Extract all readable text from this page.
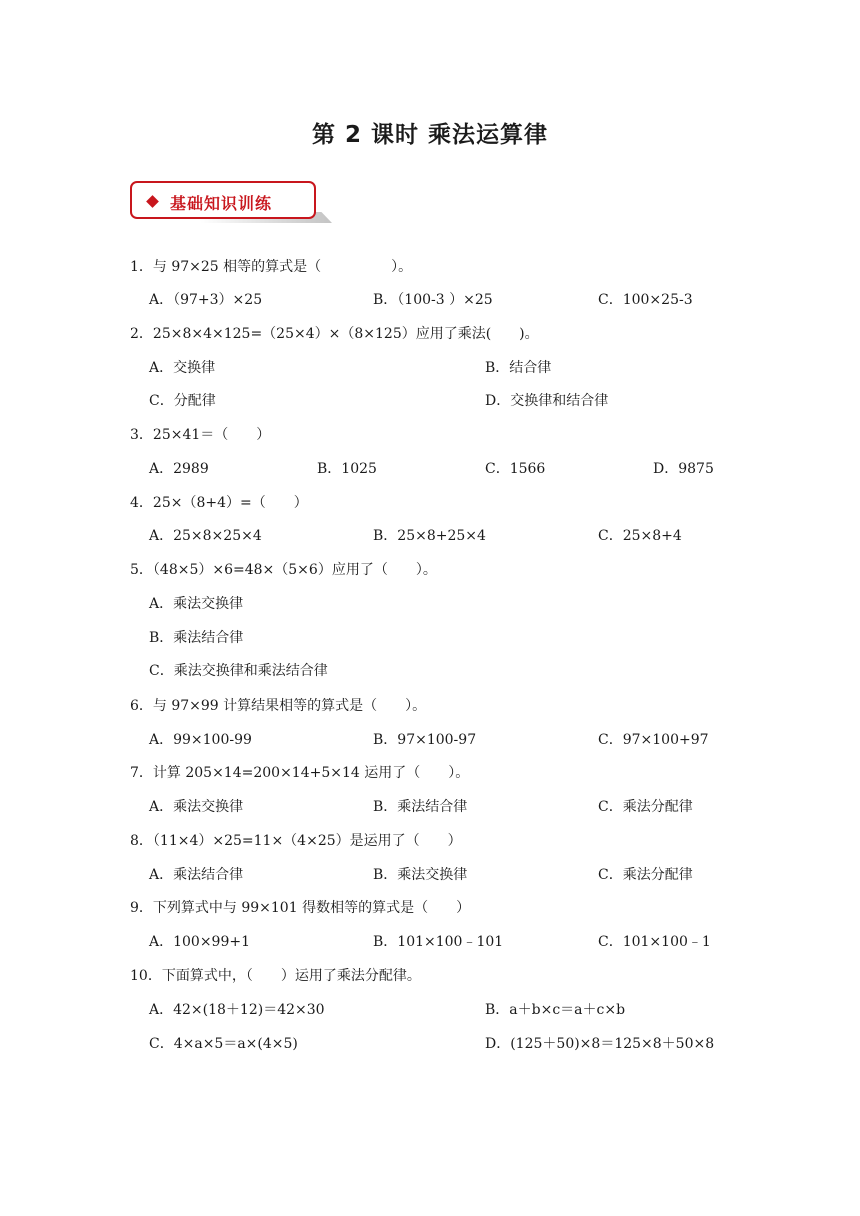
第 2 课时 乘法运算律
基础知识训练
1．与 97×25 相等的算式是（　　　　　）。
A．（97+3）×25	B．（100-3 ）×25	C．100×25-3
2．25×8×4×125=（25×4）×（8×125）应用了乘法(　　)。
A．交换律	B．结合律
C．分配律	D．交换律和结合律
3．25×41＝（　　）
A．2989	B．1025	C．1566	D．9875
4．25×（8+4）=（　　）
A．25×8×25×4	B．25×8+25×4	C．25×8+4
5．（48×5）×6=48×（5×6）应用了（　　）。
A．乘法交换律
B．乘法结合律
C．乘法交换律和乘法结合律
6．与 97×99 计算结果相等的算式是（　　）。
A．99×100-99	B．97×100-97	C．97×100+97
7．计算 205×14=200×14+5×14 运用了（　　）。
A．乘法交换律	B．乘法结合律	C．乘法分配律
8．（11×4）×25=11×（4×25）是运用了（　　）
A．乘法结合律	B．乘法交换律	C．乘法分配律
9．下列算式中与 99×101 得数相等的算式是（　　）
A．100×99+1	B．101×100﹣101	C．101×100﹣1
10．下面算式中，（　　）运用了乘法分配律。
A．42×(18＋12)＝42×30	B．a＋b×c＝a＋c×b
C．4×a×5＝a×(4×5)	D．(125＋50)×8＝125×8＋50×8
